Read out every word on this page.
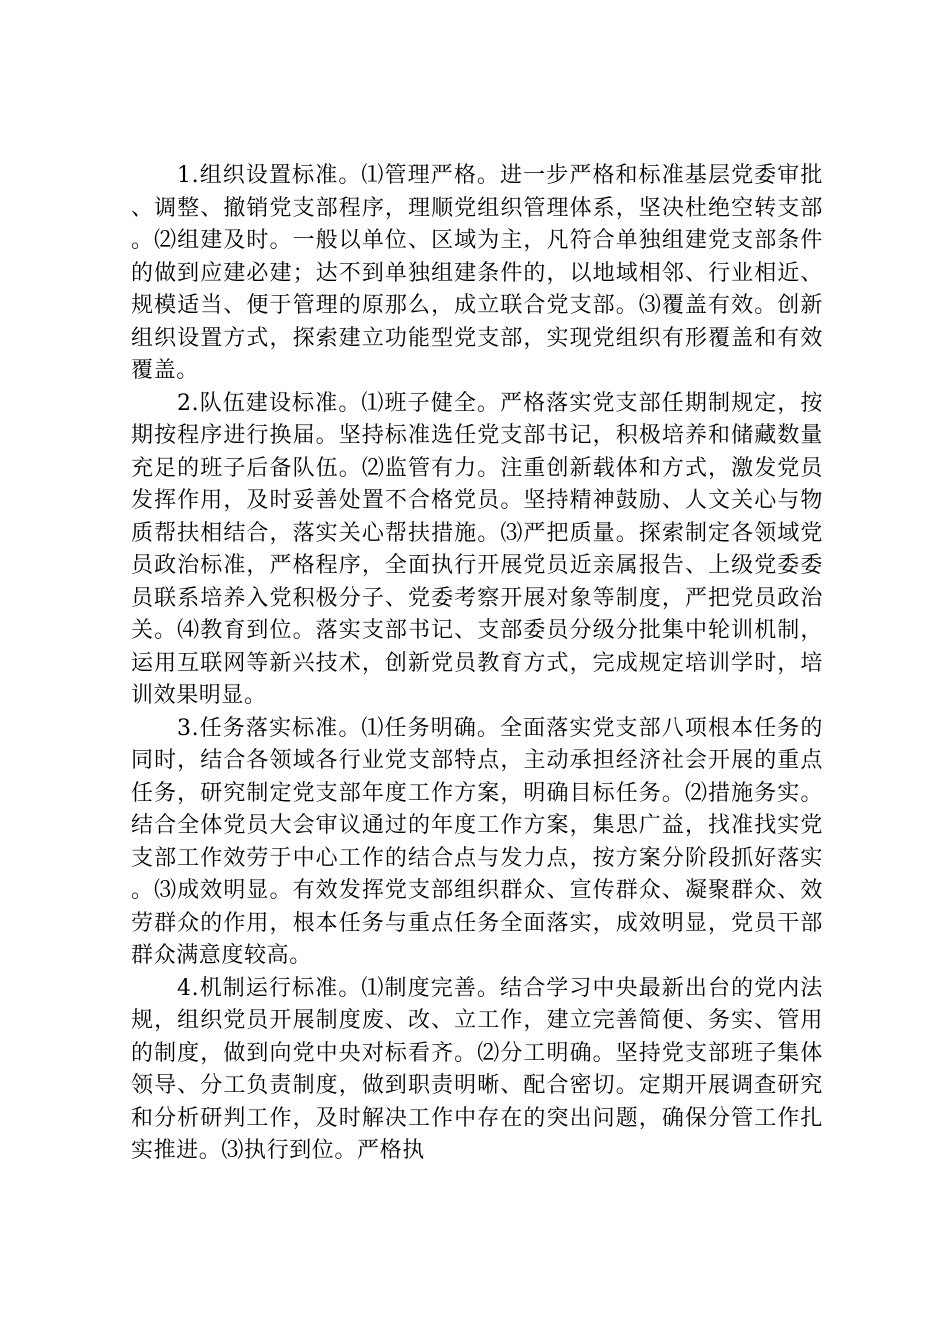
1.组织设置标准。⑴管理严格。进一步严格和标准基层党委审批、调整、撤销党支部程序，理顺党组织管理体系，坚决杜绝空转支部。⑵组建及时。一般以单位、区域为主，凡符合单独组建党支部条件的做到应建必建；达不到单独组建条件的，以地域相邻、行业相近、规模适当、便于管理的原那么，成立联合党支部。⑶覆盖有效。创新组织设置方式，探索建立功能型党支部，实现党组织有形覆盖和有效覆盖。

2.队伍建设标准。⑴班子健全。严格落实党支部任期制规定，按期按程序进行换届。坚持标准选任党支部书记，积极培养和储藏数量充足的班子后备队伍。⑵监管有力。注重创新载体和方式，激发党员发挥作用，及时妥善处置不合格党员。坚持精神鼓励、人文关心与物质帮扶相结合，落实关心帮扶措施。⑶严把质量。探索制定各领域党员政治标准，严格程序，全面执行开展党员近亲属报告、上级党委委员联系培养入党积极分子、党委考察开展对象等制度，严把党员政治关。⑷教育到位。落实支部书记、支部委员分级分批集中轮训机制，运用互联网等新兴技术，创新党员教育方式，完成规定培训学时，培训效果明显。

3.任务落实标准。⑴任务明确。全面落实党支部八项根本任务的同时，结合各领域各行业党支部特点，主动承担经济社会开展的重点任务，研究制定党支部年度工作方案，明确目标任务。⑵措施务实。结合全体党员大会审议通过的年度工作方案，集思广益，找准找实党支部工作效劳于中心工作的结合点与发力点，按方案分阶段抓好落实。⑶成效明显。有效发挥党支部组织群众、宣传群众、凝聚群众、效劳群众的作用，根本任务与重点任务全面落实，成效明显，党员干部群众满意度较高。

4.机制运行标准。⑴制度完善。结合学习中央最新出台的党内法规，组织党员开展制度废、改、立工作，建立完善简便、务实、管用的制度，做到向党中央对标看齐。⑵分工明确。坚持党支部班子集体领导、分工负责制度，做到职责明晰、配合密切。定期开展调查研究和分析研判工作，及时解决工作中存在的突出问题，确保分管工作扎实推进。⑶执行到位。严格执
